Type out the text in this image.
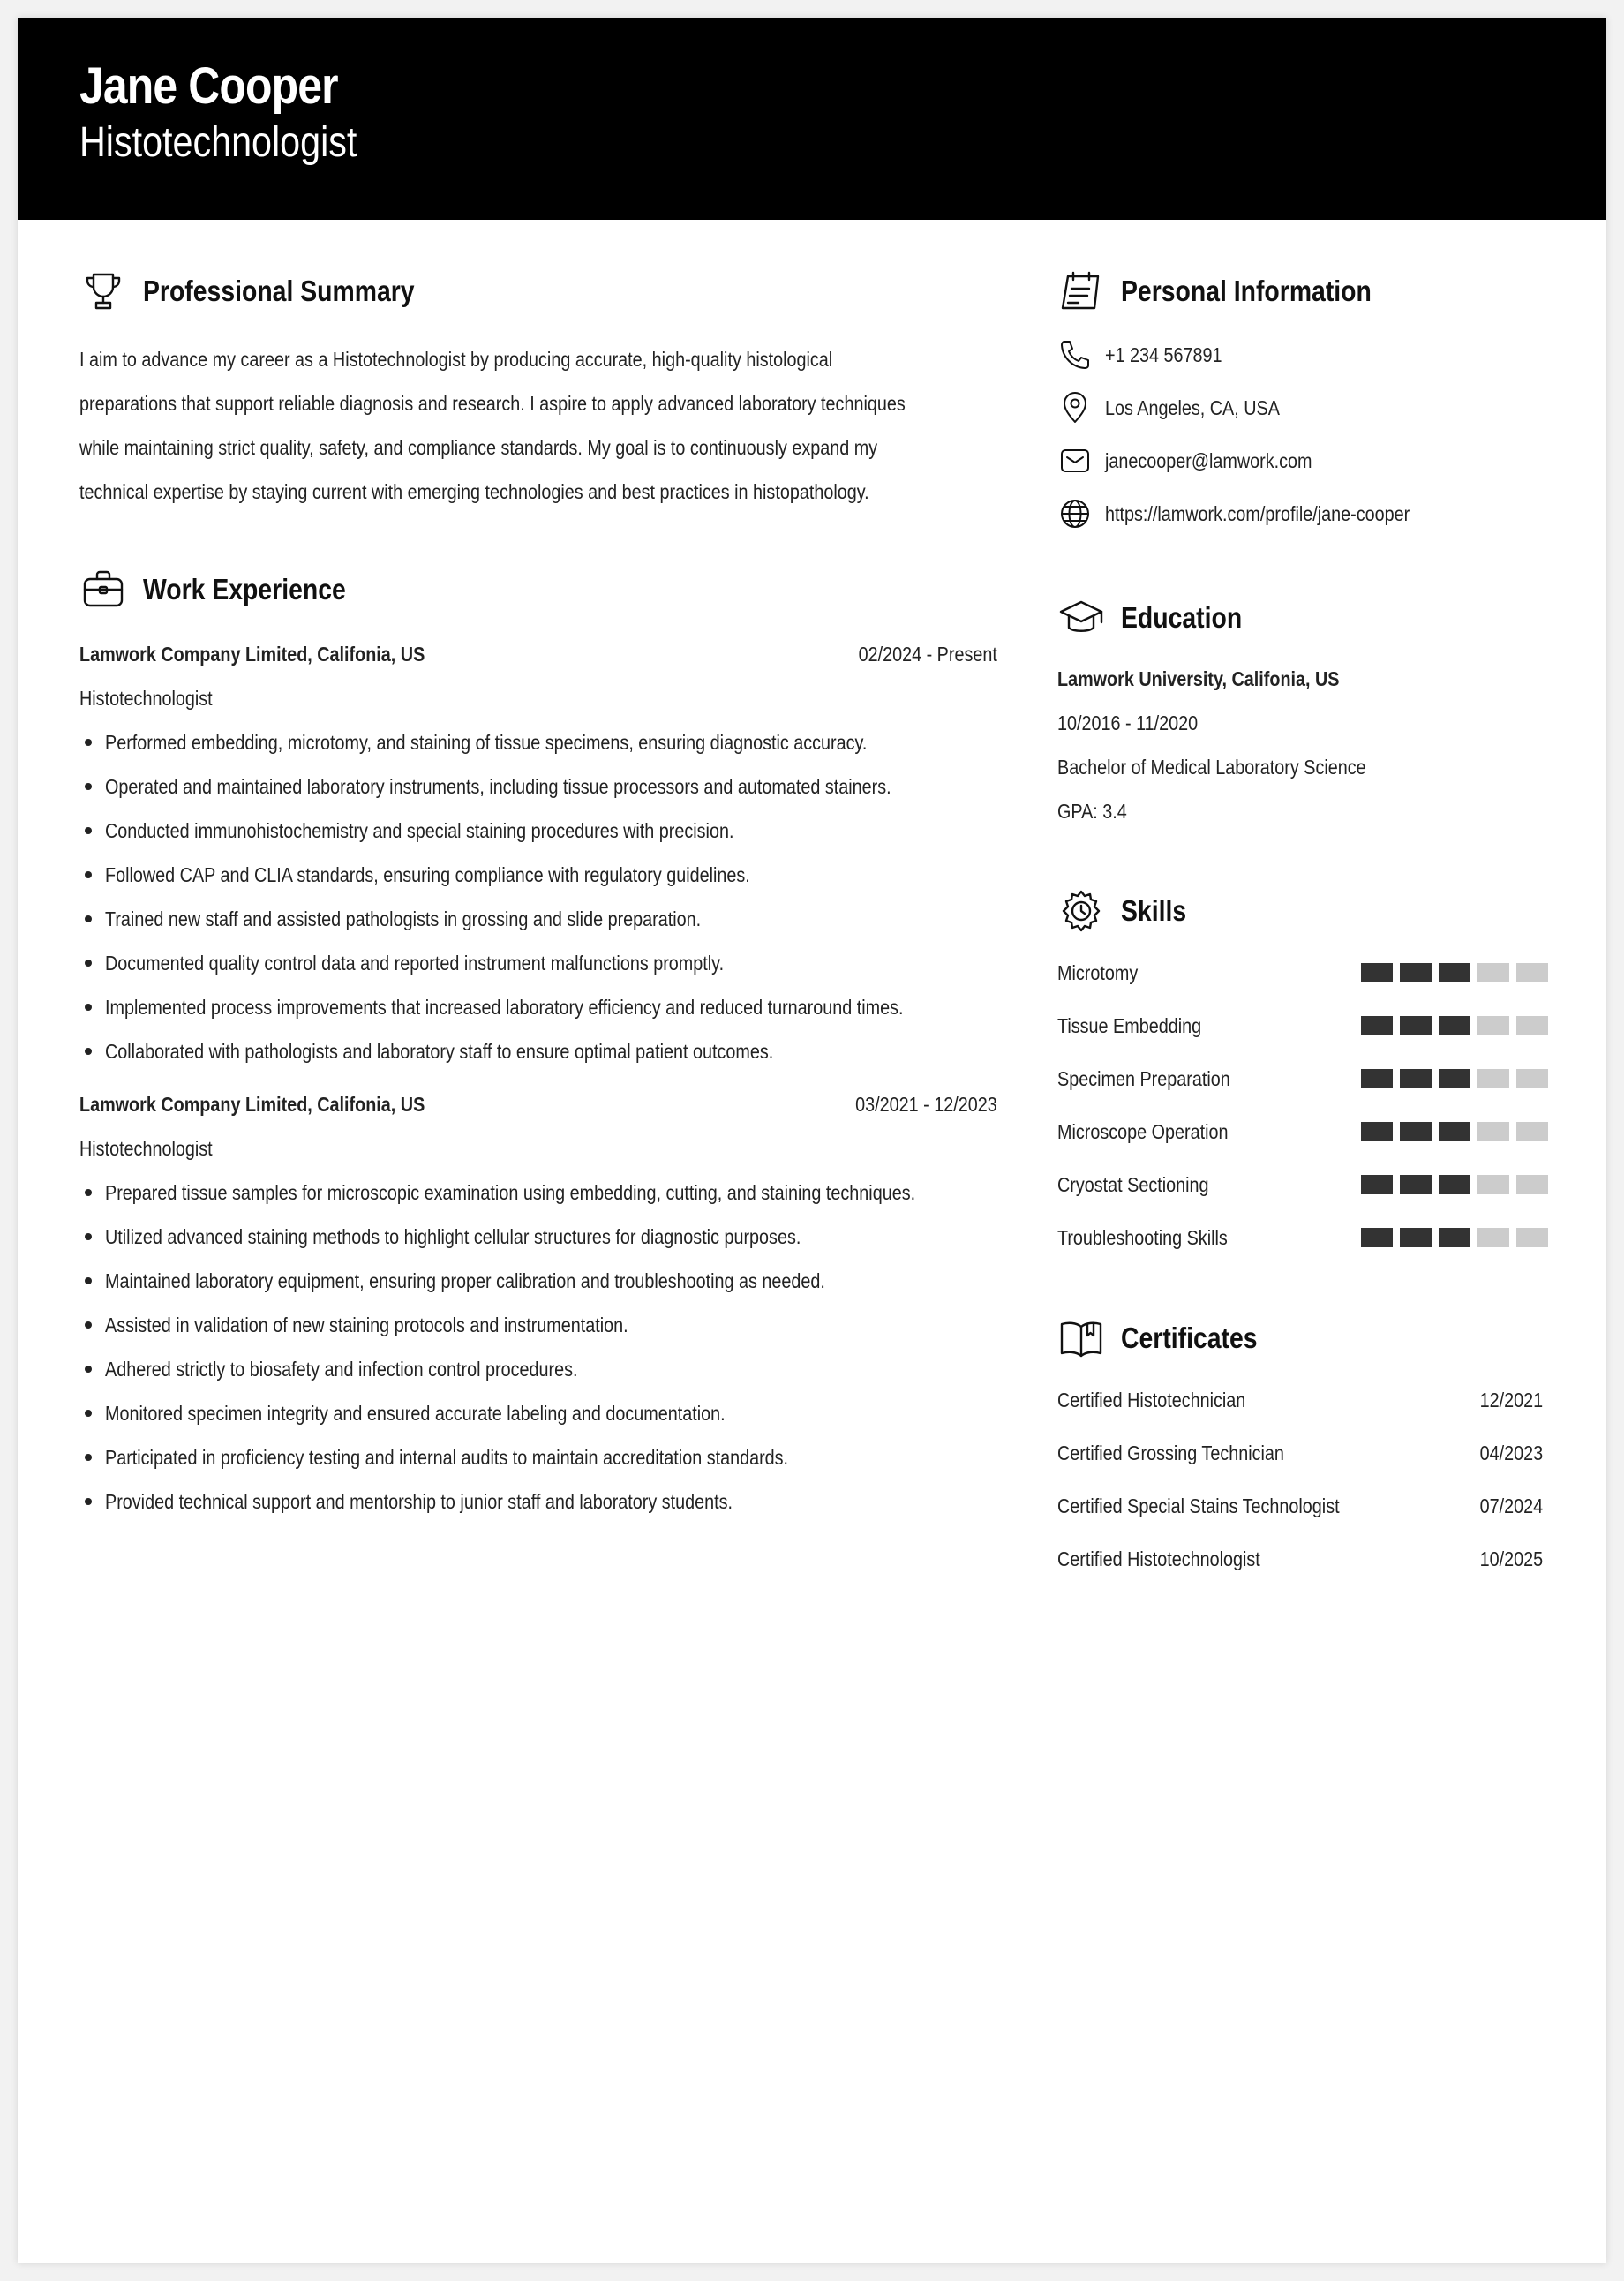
Jane Cooper
Histotechnologist
Professional Summary
I aim to advance my career as a Histotechnologist by producing accurate, high-quality histological
preparations that support reliable diagnosis and research. I aspire to apply advanced laboratory techniques
while maintaining strict quality, safety, and compliance standards. My goal is to continuously expand my
technical expertise by staying current with emerging technologies and best practices in histopathology.
Work Experience
Lamwork Company Limited, Califonia, US	02/2024 - Present
Histotechnologist
Performed embedding, microtomy, and staining of tissue specimens, ensuring diagnostic accuracy.
Operated and maintained laboratory instruments, including tissue processors and automated stainers.
Conducted immunohistochemistry and special staining procedures with precision.
Followed CAP and CLIA standards, ensuring compliance with regulatory guidelines.
Trained new staff and assisted pathologists in grossing and slide preparation.
Documented quality control data and reported instrument malfunctions promptly.
Implemented process improvements that increased laboratory efficiency and reduced turnaround times.
Collaborated with pathologists and laboratory staff to ensure optimal patient outcomes.
Lamwork Company Limited, Califonia, US	03/2021 - 12/2023
Histotechnologist
Prepared tissue samples for microscopic examination using embedding, cutting, and staining techniques.
Utilized advanced staining methods to highlight cellular structures for diagnostic purposes.
Maintained laboratory equipment, ensuring proper calibration and troubleshooting as needed.
Assisted in validation of new staining protocols and instrumentation.
Adhered strictly to biosafety and infection control procedures.
Monitored specimen integrity and ensured accurate labeling and documentation.
Participated in proficiency testing and internal audits to maintain accreditation standards.
Provided technical support and mentorship to junior staff and laboratory students.
Personal Information
+1 234 567891
Los Angeles, CA, USA
janecooper@lamwork.com
https://lamwork.com/profile/jane-cooper
Education
Lamwork University, Califonia, US
10/2016 - 11/2020
Bachelor of Medical Laboratory Science
GPA: 3.4
Skills
Microtomy
Tissue Embedding
Specimen Preparation
Microscope Operation
Cryostat Sectioning
Troubleshooting Skills
Certificates
Certified Histotechnician	12/2021
Certified Grossing Technician	04/2023
Certified Special Stains Technologist	07/2024
Certified Histotechnologist	10/2025
